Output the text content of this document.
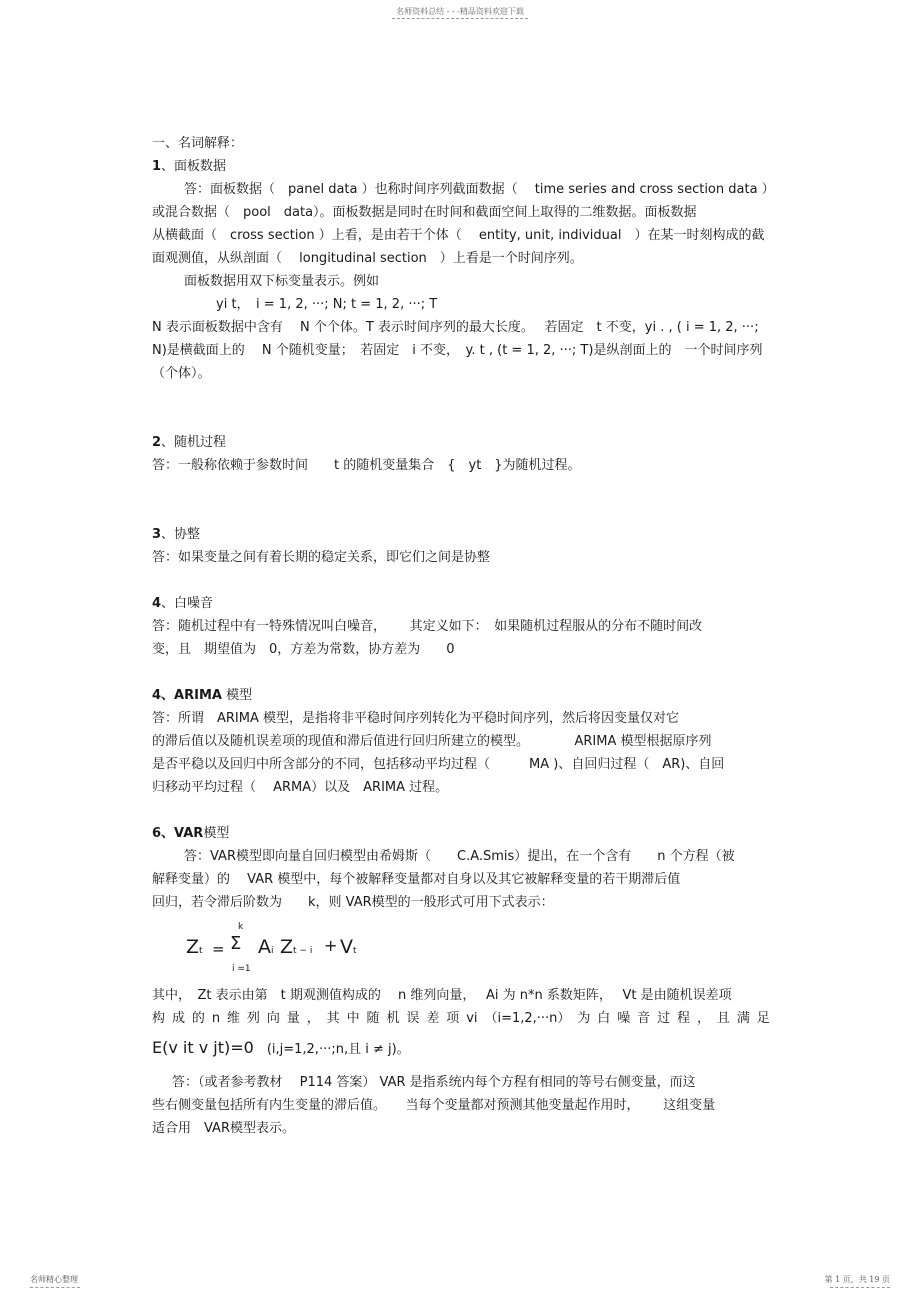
名师资料总结 - - -精品资料欢迎下载

一、名词解释：

1、面板数据

答：面板数据（　panel data ）也称时间序列截面数据（　 time series and cross section data ）

或混合数据（　pool　data）。面板数据是同时在时间和截面空间上取得的二维数据。面板数据

从横截面（　cross section ）上看，是由若干个体（　 entity, unit, individual　）在某一时刻构成的截

面观测值，从纵剖面（　 longitudinal section　）上看是一个时间序列。

面板数据用双下标变量表示。例如

yi t，　i = 1, 2, ···; N; t = 1, 2, ···; T

N 表示面板数据中含有　 N 个个体。T 表示时间序列的最大长度。　 若固定　t 不变，yi . , ( i = 1, 2, ···;

N)是横截面上的　 N 个随机变量；　若固定　i 不变，　y. t , (t = 1, 2, ···; T)是纵剖面上的　一个时间序列

（个体）。

2、随机过程

答：一般称依赖于参数时间　　t 的随机变量集合　{　yt　}为随机过程。

3、协整

答：如果变量之间有着长期的稳定关系，即它们之间是协整

4、白噪音

答：随机过程中有一特殊情况叫白噪音，　　 其定义如下：　如果随机过程服从的分布不随时间改

变，且　期望值为　0，方差为常数，协方差为　　0

4、ARIMA 模型

答：所谓　ARIMA 模型，是指将非平稳时间序列转化为平稳时间序列，然后将因变量仅对它

的滞后值以及随机误差项的现值和滞后值进行回归所建立的模型。　　　　ARIMA 模型根据原序列

是否平稳以及回归中所含部分的不同，包括移动平均过程（　　　MA )、自回归过程（　AR)、自回

归移动平均过程（　 ARMA）以及　ARIMA 过程。

6、VAR模型

答：VAR模型即向量自回归模型由希姆斯（　　C.A.Smis）提出，在一个含有　　n 个方程（被

解释变量）的　 VAR 模型中，每个被解释变量都对自身以及其它被解释变量的若干期滞后值

回归，若令滞后阶数为　　k，则 VAR模型的一般形式可用下式表示：

Zt =
k
Σ
i =1
Ai Zt − i + Vt

其中，　Zt 表示由第　t 期观测值构成的　 n 维列向量，　 Ai 为 n*n 系数矩阵，　 Vt 是由随机误差项

构 成 的 n 维 列 向 量 ， 其 中 随 机 误 差 项 vi （i=1,2,···n） 为 白 噪 音 过 程 ， 且 满 足

E(v it v jt)=0　(i,j=1,2,···;n,且 i ≠ j)。

答：（或者参考教材　 P114 答案） VAR 是指系统内每个方程有相同的等号右侧变量，而这

些右侧变量包括所有内生变量的滞后值。　　当每个变量都对预测其他变量起作用时，　　 这组变量

适合用　VAR模型表示。

名师精心整理	第 1 页，共 19 页
